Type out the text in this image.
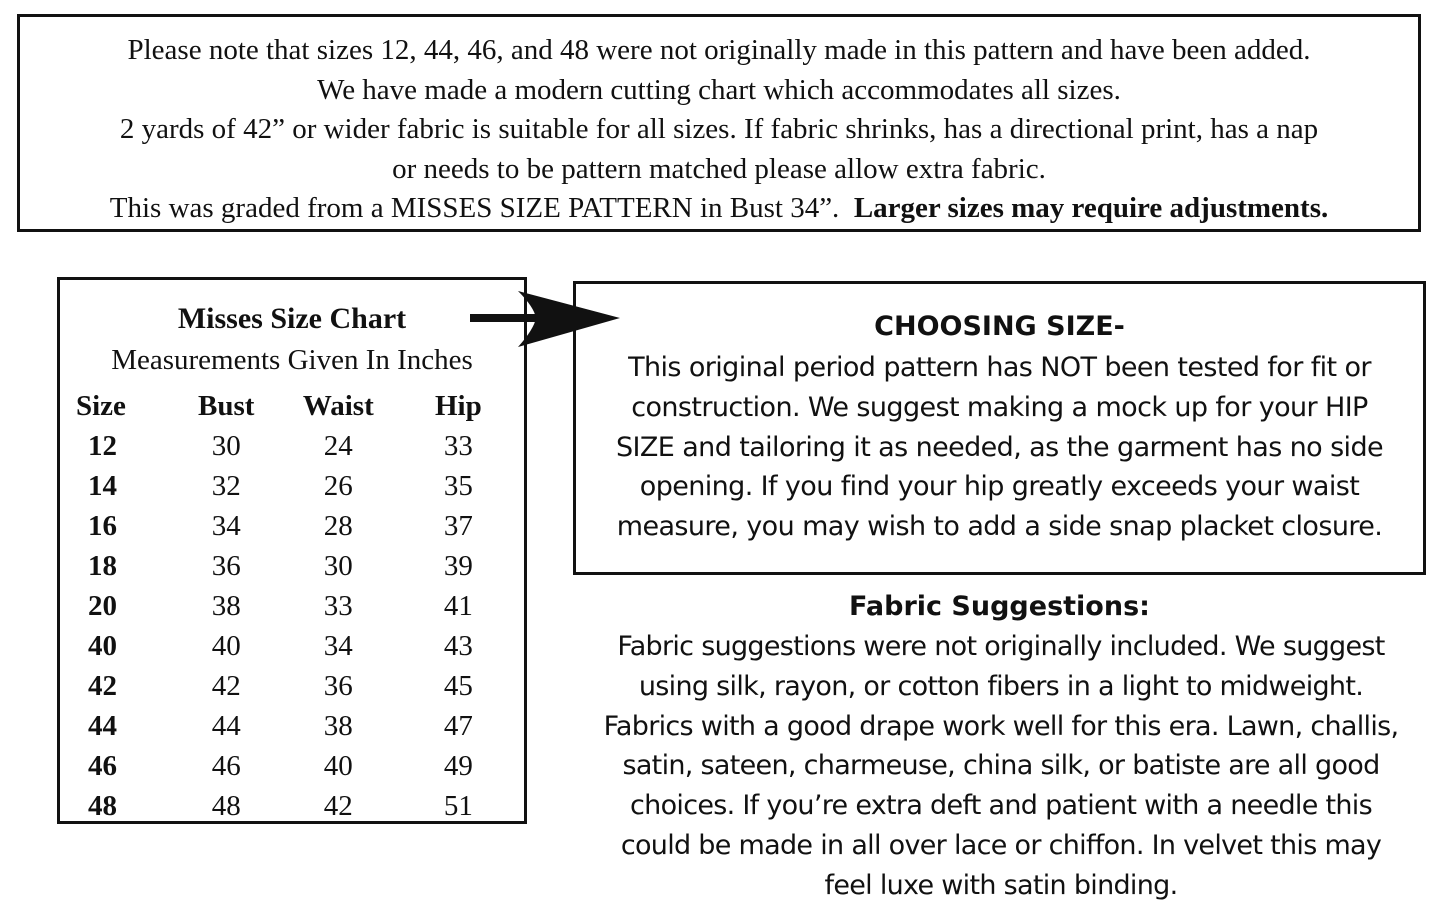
Please note that sizes 12, 44, 46, and 48 were not originally made in this pattern and have been added.
We have made a modern cutting chart which accommodates all sizes.
2 yards of 42” or wider fabric is suitable for all sizes. If fabric shrinks, has a directional print, has a nap
or needs to be pattern matched please allow extra fabric.
This was graded from a MISSES SIZE PATTERN in Bust 34”. Larger sizes may require adjustments.
Misses Size Chart
Measurements Given In Inches
Size	Bust	Waist	Hip
12	30	24	33
14	32	26	35
16	34	28	37
18	36	30	39
20	38	33	41
40	40	34	43
42	42	36	45
44	44	38	47
46	46	40	49
48	48	42	51
CHOOSING SIZE-
This original period pattern has NOT been tested for fit or
construction. We suggest making a mock up for your HIP
SIZE and tailoring it as needed, as the garment has no side
opening. If you find your hip greatly exceeds your waist
measure, you may wish to add a side snap placket closure.
Fabric Suggestions:
Fabric suggestions were not originally included. We suggest
using silk, rayon, or cotton fibers in a light to midweight.
Fabrics with a good drape work well for this era. Lawn, challis,
satin, sateen, charmeuse, china silk, or batiste are all good
choices. If you’re extra deft and patient with a needle this
could be made in all over lace or chiffon. In velvet this may
feel luxe with satin binding.
